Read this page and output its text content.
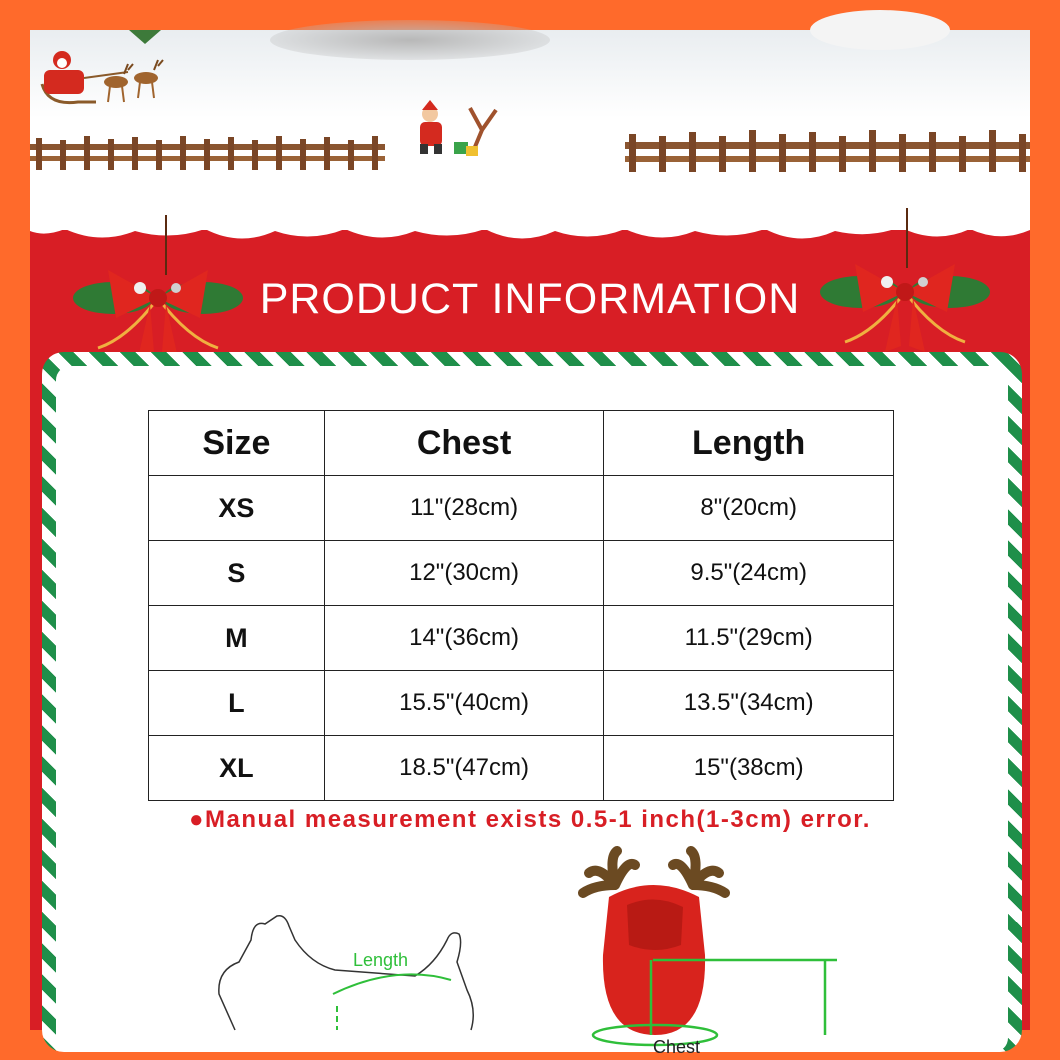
PRODUCT INFORMATION
Size	Chest	Length
XS	11"(28cm)	8"(20cm)
S	12"(30cm)	9.5"(24cm)
M	14"(36cm)	11.5"(29cm)
L	15.5"(40cm)	13.5"(34cm)
XL	18.5"(47cm)	15"(38cm)
●Manual measurement exists 0.5-1 inch(1-3cm) error.
Length
Chest
